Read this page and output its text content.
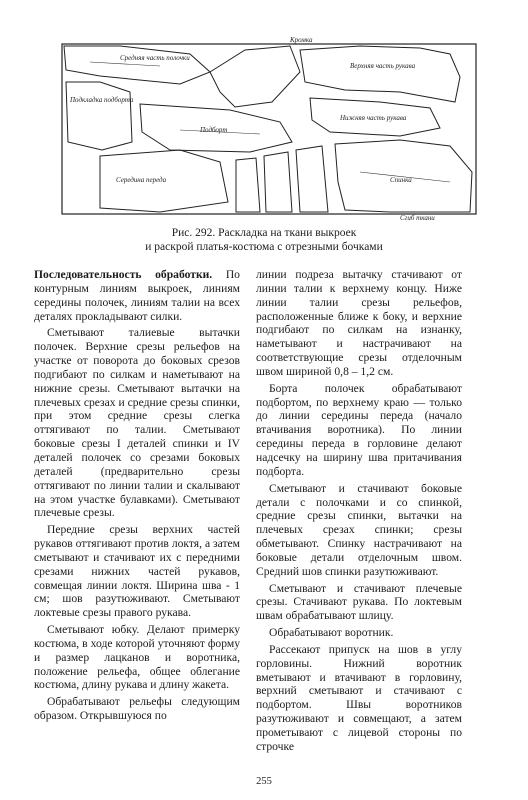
Кромка
Средняя часть полочки
Верхняя часть рукава
Подкладка подборта
Подборт
Нижняя часть рукава
Середина переда	Спинка
Сгиб ткани
Рис. 292. Раскладка на ткани выкроек
и раскрой платья-костюма с отрезными бочками

Последовательность обработки. По контурным линиям выкроек, линиям середины полочек, линиям талии на всех деталях прокладывают силки.

Сметывают талиевые вытачки полочек. Верхние срезы рельефов на участке от поворота до боковых срезов подгибают по силкам и наметывают на нижние срезы. Сметывают вытачки на плечевых срезах и средние срезы спинки, при этом средние срезы слегка оттягивают по талии. Сметывают боковые срезы I деталей спинки и IV деталей полочек со срезами боковых деталей (предварительно срезы оттягивают по линии талии и скалывают на этом участке булавками). Сметывают плечевые срезы.

Передние срезы верхних частей рукавов оттягивают против локтя, а затем сметывают и стачивают их с передними срезами нижних частей рукавов, совмещая линии локтя. Ширина шва - 1 см; шов разутюживают. Сметывают локтевые срезы правого рукава.

Сметывают юбку. Делают примерку костюма, в ходе которой уточняют форму и размер лацканов и воротника, положение рельефа, общее облегание костюма, длину рукава и длину жакета.

Обрабатывают рельефы следующим образом. Открывшуюся по

линии подреза вытачку стачивают от линии талии к верхнему концу. Ниже линии талии срезы рельефов, расположенные ближе к боку, и верхние подгибают по силкам на изнанку, наметывают и настрачивают на соответствующие срезы отделочным швом шириной 0,8 – 1,2 см.

Борта полочек обрабатывают подбортом, по верхнему краю — только до линии середины переда (начало втачивания воротника). По линии середины переда в горловине делают надсечку на ширину шва притачивания подборта.

Сметывают и стачивают боковые детали с полочками и со спинкой, средние срезы спинки, вытачки на плечевых срезах спинки; срезы обметывают. Спинку настрачивают на боковые детали отделочным швом. Средний шов спинки разутюживают.

Сметывают и стачивают плечевые срезы. Стачивают рукава. По локтевым швам обрабатывают шлицу.

Обрабатывают воротник.

Рассекают припуск на шов в углу горловины. Нижний воротник вметывают и втачивают в горловину, верхний сметывают и стачивают с подбортом. Швы воротников разутюживают и совмещают, а затем прометывают с лицевой стороны по строчке

255
